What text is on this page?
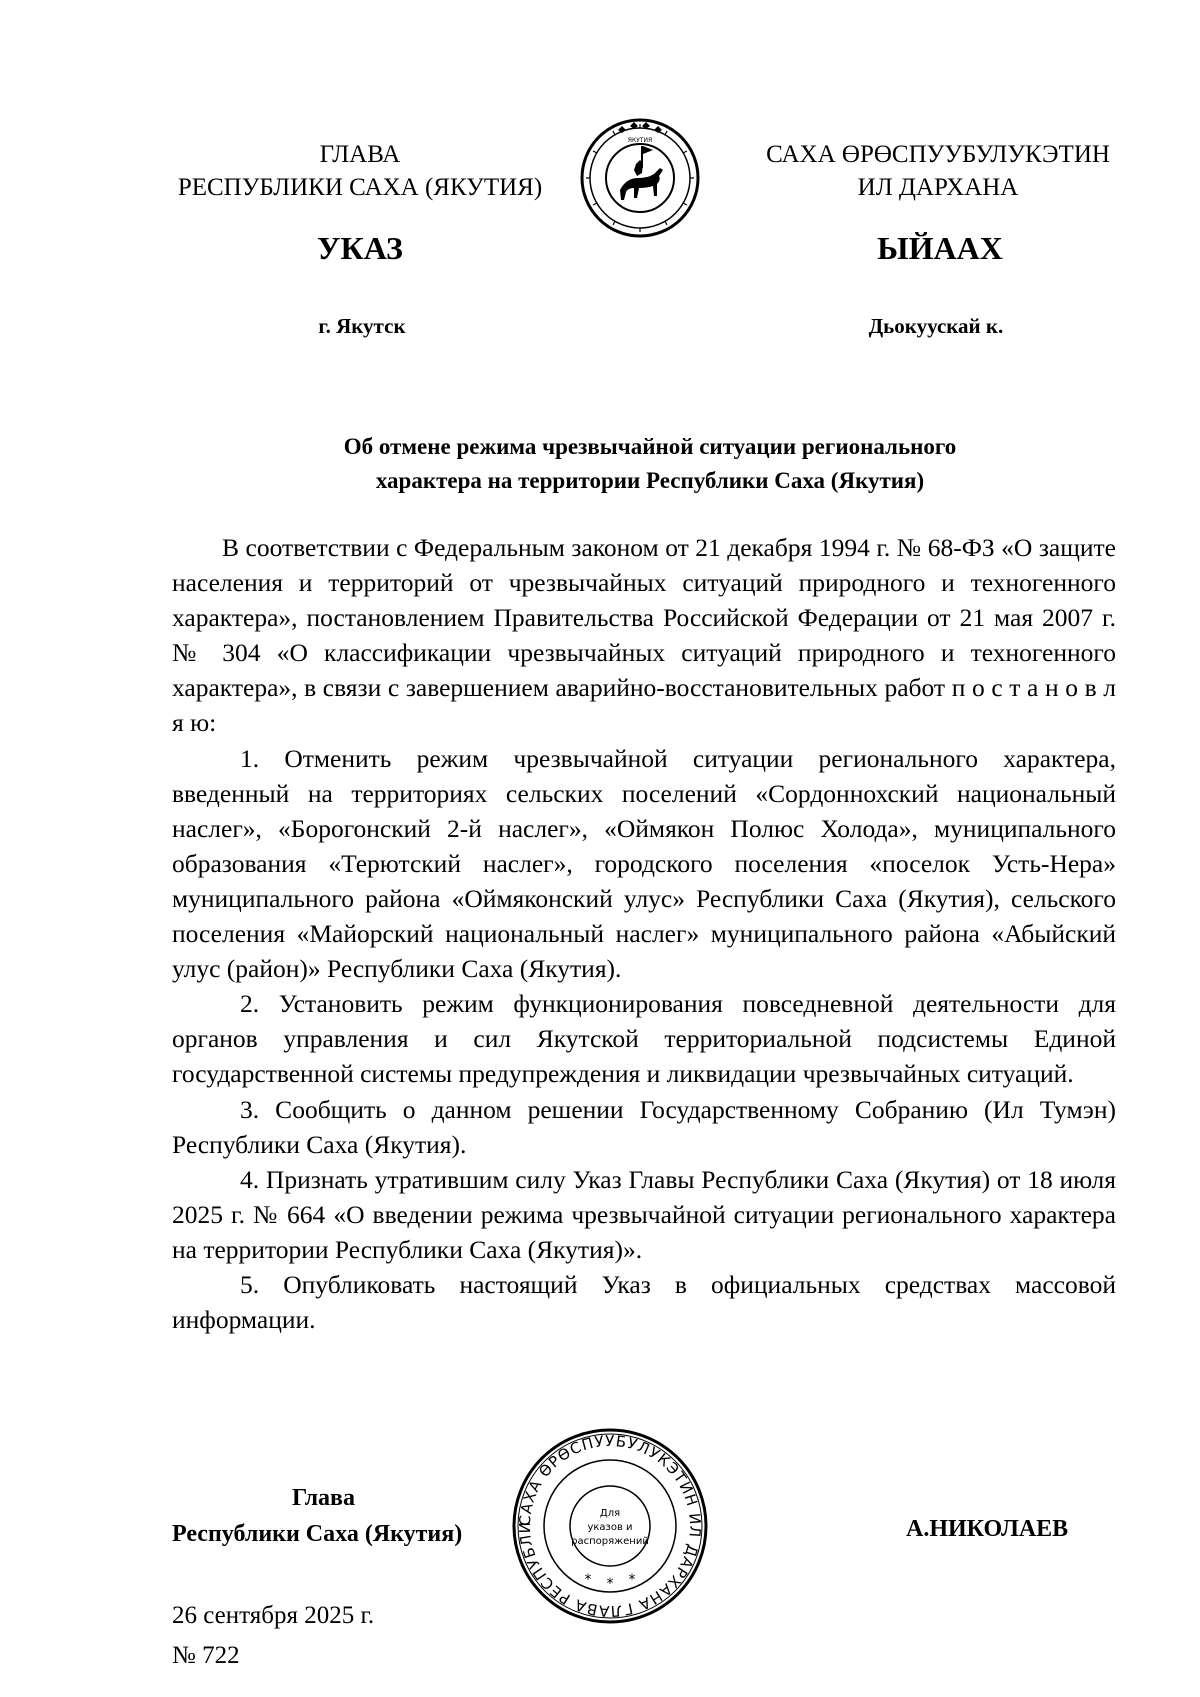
ГЛАВА
РЕСПУБЛИКИ САХА (ЯКУТИЯ)
ЯКУТИЯ
САХА ӨРӨСПУУБУЛУКЭТИН
ИЛ ДАРХАНА
УКАЗ	ЫЙААХ
г. Якутск	Дьокуускай к.
Об отмене режима чрезвычайной ситуации регионального
характера на территории Республики Саха (Якутия)

В соответствии с Федеральным законом от 21 декабря 1994 г. № 68-ФЗ «О защите населения и территорий от чрезвычайных ситуаций природного и техногенного характера», постановлением Правительства Российской Федерации от 21 мая 2007 г. № 304 «О классификации чрезвычайных ситуаций природного и техногенного характера», в связи с завершением аварийно-восстановительных работ п о с т а н о в л я ю:

1. Отменить режим чрезвычайной ситуации регионального характера, введенный на территориях сельских поселений «Сордоннохский национальный наслег», «Борогонский 2-й наслег», «Оймякон Полюс Холода», муниципального образования «Терютский наслег», городского поселения «поселок Усть-Нера» муниципального района «Оймяконский улус» Республики Саха (Якутия), сельского поселения «Майорский национальный наслег» муниципального района «Абыйский улус (район)» Республики Саха (Якутия).

2. Установить режим функционирования повседневной деятельности для органов управления и сил Якутской территориальной подсистемы Единой государственной системы предупреждения и ликвидации чрезвычайных ситуаций.

3. Сообщить о данном решении Государственному Собранию (Ил Тумэн) Республики Саха (Якутия).

4. Признать утратившим силу Указ Главы Республики Саха (Якутия) от 18 июля 2025 г. № 664 «О введении режима чрезвычайной ситуации регионального характера на территории Республики Саха (Якутия)».

5. Опубликовать настоящий Указ в официальных средствах массовой информации.

Глава
Республики Саха (Якутия)	А.НИКОЛАЕВ
САХА ӨРӨСПУУБУЛУКЭТИН ИЛ ДАРХАНА ГЛАВА РЕСПУБЛИ
Для
указов и
распоряжений
* * *
26 сентября 2025 г.
№ 722
